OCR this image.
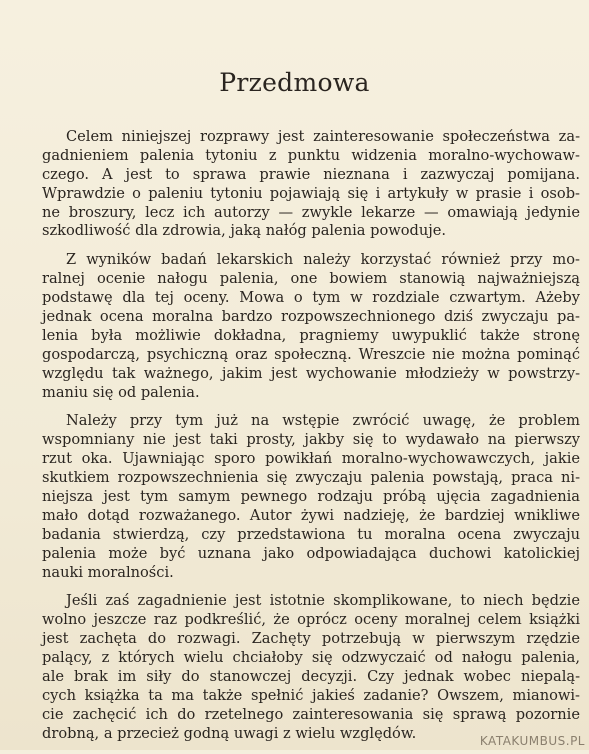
Przedmowa
Celem niniejszej rozprawy jest zainteresowanie społeczeństwa za-
gadnieniem palenia tytoniu z punktu widzenia moralno-wychowaw-
czego. A jest to sprawa prawie nieznana i zazwyczaj pomijana.
Wprawdzie o paleniu tytoniu pojawiają się i artykuły w prasie i osob-
ne broszury, lecz ich autorzy — zwykle lekarze — omawiają jedynie
szkodliwość dla zdrowia, jaką nałóg palenia powoduje.
Z wyników badań lekarskich należy korzystać również przy mo-
ralnej ocenie nałogu palenia, one bowiem stanowią najważniejszą
podstawę dla tej oceny. Mowa o tym w rozdziale czwartym. Ażeby
jednak ocena moralna bardzo rozpowszechnionego dziś zwyczaju pa-
lenia była możliwie dokładna, pragniemy uwypuklić także stronę
gospodarczą, psychiczną oraz społeczną. Wreszcie nie można pominąć
względu tak ważnego, jakim jest wychowanie młodzieży w powstrzy-
maniu się od palenia.
Należy przy tym już na wstępie zwrócić uwagę, że problem
wspomniany nie jest taki prosty, jakby się to wydawało na pierwszy
rzut oka. Ujawniając sporo powikłań moralno-wychowawczych, jakie
skutkiem rozpowszechnienia się zwyczaju palenia powstają, praca ni-
niejsza jest tym samym pewnego rodzaju próbą ujęcia zagadnienia
mało dotąd rozważanego. Autor żywi nadzieję, że bardziej wnikliwe
badania stwierdzą, czy przedstawiona tu moralna ocena zwyczaju
palenia może być uznana jako odpowiadająca duchowi katolickiej
nauki moralności.
Jeśli zaś zagadnienie jest istotnie skomplikowane, to niech będzie
wolno jeszcze raz podkreślić, że oprócz oceny moralnej celem książki
jest zachęta do rozwagi. Zachęty potrzebują w pierwszym rzędzie
palący, z których wielu chciałoby się odzwyczaić od nałogu palenia,
ale brak im siły do stanowczej decyzji. Czy jednak wobec niepalą-
cych książka ta ma także spełnić jakieś zadanie? Owszem, mianowi-
cie zachęcić ich do rzetelnego zainteresowania się sprawą pozornie
drobną, a przecież godną uwagi z wielu względów.	KATAKUMBUS.PL
